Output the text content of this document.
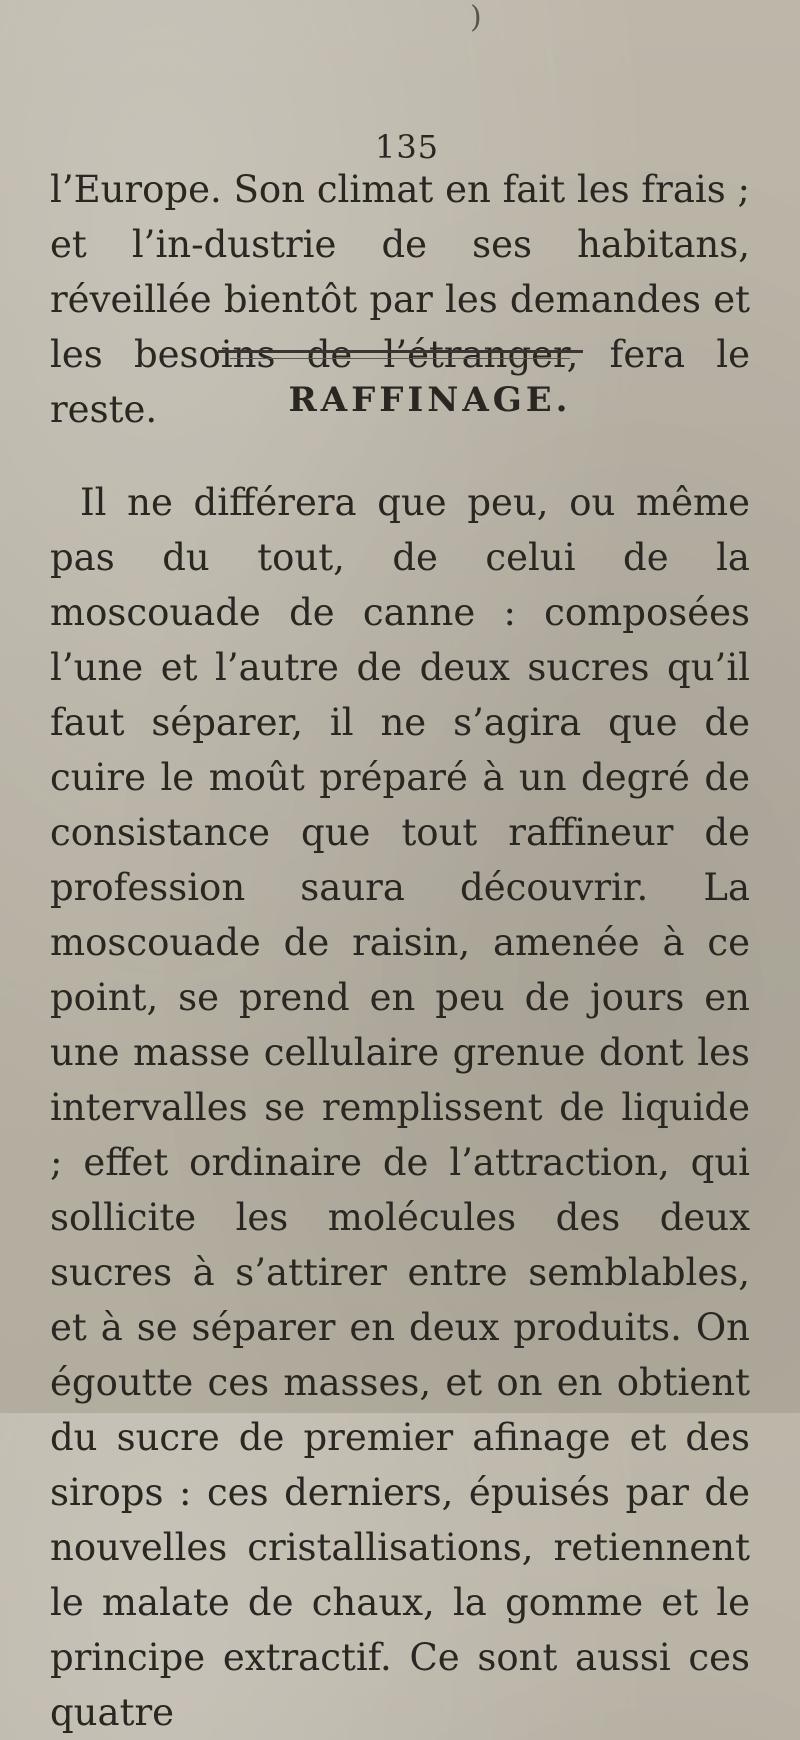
)
135

l’Europe. Son climat en fait les frais ; et l’in-dustrie de ses habitans, réveillée bientôt par les demandes et les besoins de l’étranger, fera le reste.	RAFFINAGE.

Il ne différera que peu, ou même pas du tout, de celui de la moscouade de canne : composées l’une et l’autre de deux sucres qu’il faut séparer, il ne s’agira que de cuire le moût préparé à un degré de consistance que tout raffineur de profession saura découvrir. La moscouade de raisin, amenée à ce point, se prend en peu de jours en une masse cellulaire grenue dont les intervalles se remplissent de liquide ; effet ordinaire de l’attraction, qui sollicite les molécules des deux sucres à s’attirer entre semblables, et à se séparer en deux produits. On égoutte ces masses, et on en obtient du sucre de premier afinage et des sirops : ces derniers, épuisés par de nouvelles cristallisations, retiennent le malate de chaux, la gomme et le principe extractif. Ce sont aussi ces quatre
